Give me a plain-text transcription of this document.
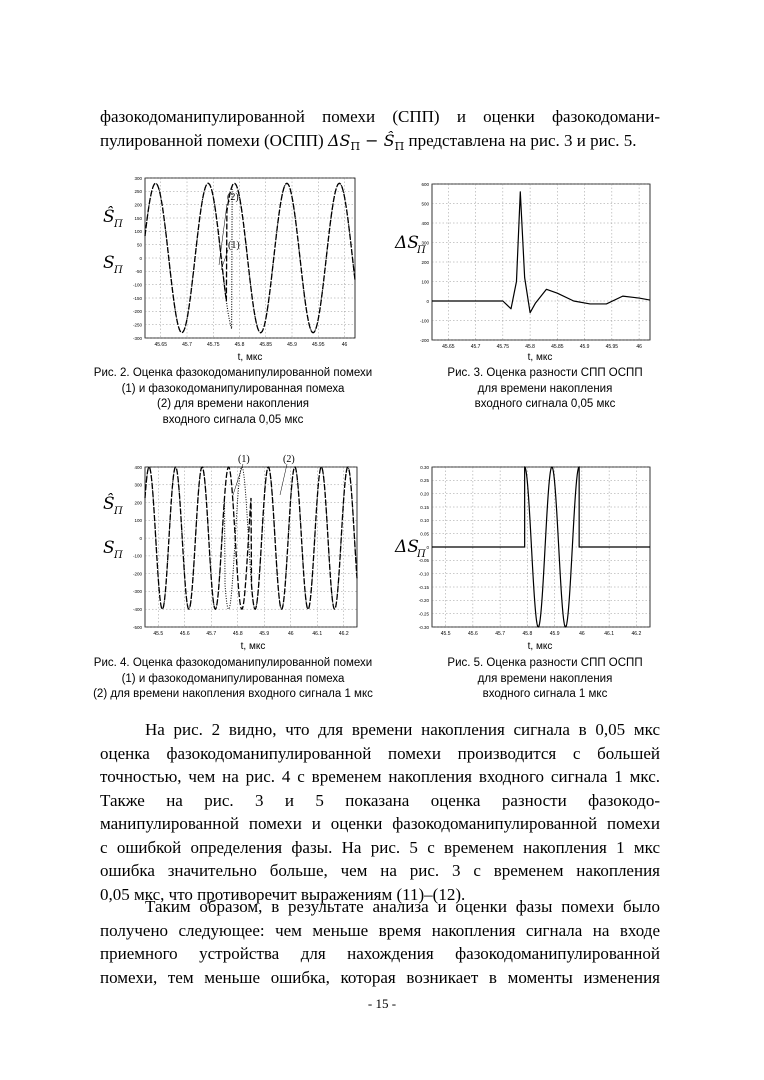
фазокодоманипулированной помехи (СПП) и оценки фазокодомани-
пулированной помехи (ОСПП) $\Delta S_П$ − $Ŝ_П$ представлена на рис. 3 и рис. 5.
45.65	45.7	45.75	45.8	45.85	45.9	45.95	46
300
250
200
150
100
50
0
-50
-100
-150
-200
-250
-300
Ŝ П
S П
(2)
(1)
t, мкс
Рис. 2. Оценка фазокодоманипулированной помехи
(1) и фазокодоманипулированная помеха
(2) для времени накопления
входного сигнала 0,05 мкс
45.65	45.7	45.75	45.8	45.85	45.9	45.95	46
600
500
400
300
200
100
0
-100
-200
ΔS
П
t, мкс
Рис. 3. Оценка разности СПП ОСПП
для времени накопления
входного сигнала 0,05 мкс
45.5	45.6	45.7	45.8	45.9	46	46.1	46.2
400
300
200
100
0
-100
-200
-300
-400
-500
Ŝ П
S П
(1)	(2)
t, мкс
Рис. 4. Оценка фазокодоманипулированной помехи
(1) и фазокодоманипулированная помеха
(2) для времени накопления входного сигнала 1 мкс
45.5	45.6	45.7	45.8	45.9	46	46.1	46.2
0.30
0.25
0.20
0.15
0.10
0.05
0
-0.05
-0.10
-0.15
-0.20
-0.25
-0.30
ΔS
П
t, мкс
Рис. 5. Оценка разности СПП ОСПП
для времени накопления
входного сигнала 1 мкс
На рис. 2 видно, что для времени накопления сигнала в 0,05 мкс
оценка фазокодоманипулированной помехи производится с большей
точностью, чем на рис. 4 с временем накопления входного сигнала 1 мкс.
Также на рис. 3 и 5 показана оценка разности фазокодо-
манипулированной помехи и оценки фазокодоманипулированной помехи
с ошибкой определения фазы. На рис. 5 с временем накопления 1 мкс
ошибка значительно больше, чем на рис. 3 с временем накопления
0,05 мкс, что противоречит выражениям (11)–(12).
Таким образом, в результате анализа и оценки фазы помехи было
получено следующее: чем меньше время накопления сигнала на входе
приемного устройства для нахождения фазокодоманипулированной
помехи, тем меньше ошибка, которая возникает в моменты изменения
- 15 -
